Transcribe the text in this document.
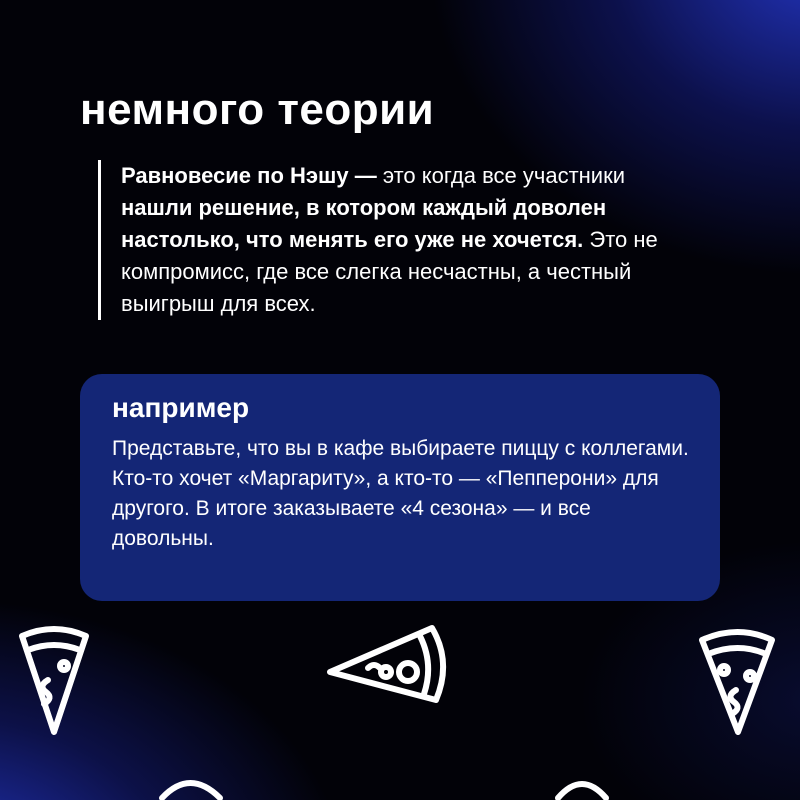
немного теории

Равновесие по Нэшу — это когда все участники нашли решение, в котором каждый доволен настолько, что менять его уже не хочется. Это не компромисс, где все слегка несчастны, а честный выигрыш для всех.

например

Представьте, что вы в кафе выбираете пиццу с коллегами. Кто-то хочет «Маргариту», а кто-то — «Пепперони» для другого. В итоге заказываете «4 сезона» — и все довольны.
